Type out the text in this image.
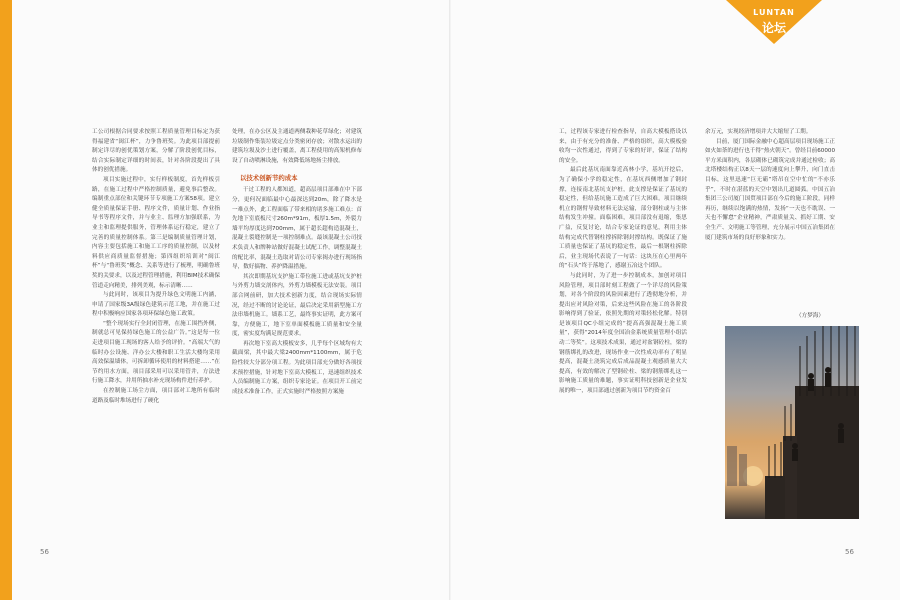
LUNTAN
论坛

工公司根据合同要求按照工程质量管理目标定为获得福建省“闽江杯”，力争鲁班奖。为此项目部提前制定详尽的创优策划方案，分解了阶段创优目标，结合实际制定详细的时间表，针对各阶段提出了具体的创优措施。

项目实施过程中，实行样板制度，首先样板引路，在施工过程中严格控制质量，避免事后整改。编制重点部位和关键环节专项施工方案58项。建立健全质量保证手册、程序文件，质量计划、作业指导书等程序文件，并与业主、监理方加强联系，为业主和监理提供服务，管理体系运行稳定，建立了完善的质量控制体系。第三是编制质量管理计划，内容主要包括施工和施工工序的质量控制，以及材料供应商质量监督措施；第四组织培训对“闽江杯”与“鲁班奖”概念、关系等进行了梳理，明确鲁班奖的关要求，以及过程管理措施，利用BIM技术确保管道走向精美，排列美观，标示清晰……

与此同时，该项目为提升绿色文明施工内涵，申请了国家级3A级绿色建筑示范工地，并在施工过程中积极响应国家各项环保绿色施工政策。

“整个现场实行全封闭管理，在施工围挡外侧，制就总可见保持绿色施工的公益广告。”这是每一位走进项目施工现场的客人给予的评价。“高端大气的临时办公设施、洋办公大楼和职工生活大楼均采用高效保温墙体，可拆卸循环使用的材料搭建……”在节约用水方面，项目部采用可以采用管井，方法进行施工降水，并用所抽水补充现场构件进行养护。

在控制施工场尘方面，项目部对工地所有临时道路及临时堆场进行了硬化

处理，在办公区及主通道两侧栽种花草绿化；对建筑垃圾制作集装垃圾定点分类密闭存放；对散水运出的建筑垃圾及沙土进行覆盖，离工程使用的高架机修布设了自动喷淋设施，有效降低场地扬尘排放。

以技术创新节约成本

干过工程的人都知道，超高层项目部难在中下部分，更何况面临最中心最深达到20m，除了降水是一难点外，此工程面临了带来相的诸多施工难点：首先地下室底板尺寸260m*91m，板厚1.5m，外裂力墙平均厚度达到700mm，属于超长超构造混凝土，混凝土裂缝控制是一项控制难点。最该混凝土公司技术负责人和牌种站做好混凝土试配工作，调整混凝土的配比率，混凝土选取对请公司专家揭办进行现场指导，数好搞物、养护降温措施。

其次即期基坑支护施工带位施工进或基坑支护桩与外剪力墙交剖体内，外剪力墙模板无法安装。项目部合网前研，加大技术创新力度，结合现场实际情况，经过不断的讨论论证，最后决定采用新型施工方法串墙机施工。墙系工艺，最终事实证明，此方案可靠，方便施工，地下室单面模板施工质量和安全量度，密实度均满足规范要求。

再次地下室高大模板安多，几乎每个区域均有大截面梁，其中最大梁2400mm*1100mm，属于危险性较大分部分项工程。为此项目部充分做好各项技术预控措施，针对地下室高大模板工，迅速组织技术人员编制施工方案，组织专家论证。在项目开工前完成技术准备工作，正式实施时严格按照方案施

工，过程该专家进行检查指导，自高大模板搭设以来，由于有充分的准备、严格的组织，高大模板验收均一次性通过，得到了专家的好评，保证了结构的安全。

最后此基坑南面靠近高林小学，基坑开挖后，为了确保小学的稳定性，在基坑西侧增加了钢封撑，连接南北基坑支护桩，此支撑是保证了基坑的稳定性，但给基坑施工造成了巨大困难。项目继续机立的钢臂导致材料无法运输，部分钢柱或与主体结构发生冲撞。面临困难，项目部没有退缩，集思广益，反复讨论，结合专家论证的意见，利用主体结构完成代替钢柱撑拆除钢封撑结构。既保证了施工质量也保证了基坑的稳定性，最后一根钢柱拆除后，业主现场代表说了一句话：这块压在心里两年的“石头”终于落地了，感谢五冶这个团队。

与此同时，为了进一步控制成本，加创对项目风险管理，项目部时刻工程做了一个详尽的风险策划，对各个阶段的风险因素进行了透彻地分析，并提出应对风险对策，后来这些风险在施工的各阶段影响得到了验证，依照先期的对策轻松化解。特别是该项目QC小组完成的“提高高强混凝土施工质量”，获得“2014年度全国冶金系统质量管理小组活动二等奖”。这项技术成果，通过对盆钢砼柱，梁的钢筋绑扎的改进，现场作业一次性成功率有了明显提高，混凝土浇筑完成后成品混凝土观感质量大大提高，有效的解决了型钢砼柱、梁的钢筋绑扎这一影响施工质量的难题，事实证明科技创新是企业发展的唯一，项目部通过创新为项目节约资金百

余万元，实现经济增项并大大缩短了工期。

目前，厦门国际金融中心超高层项目现场施工正如火如荼的进行也千得“热火朝天”。曾经目前60000平方米面积内，各层砌体已砌筑完成并通过检收；高北塔楼结构正以8天一层的速度向上攀升，向门直击目标，这里迅速“巨无霸”塔吊在空中忙的“不亦乐乎”，不时在湛蓝的天空中划出几道圆弧。中国五冶集团三公司厦门国贸项目部在今后的施工阶段，同样再历，继续以饱满的热情，发扬“一天也不耽误、一天也不懈怠”企业精神，严肃质量关、抓好工期、安全生产、文明施工等管理，充分展示中国五冶集团在厦门建筑市场的良好形象和实力。

（方梦海）
56	56
